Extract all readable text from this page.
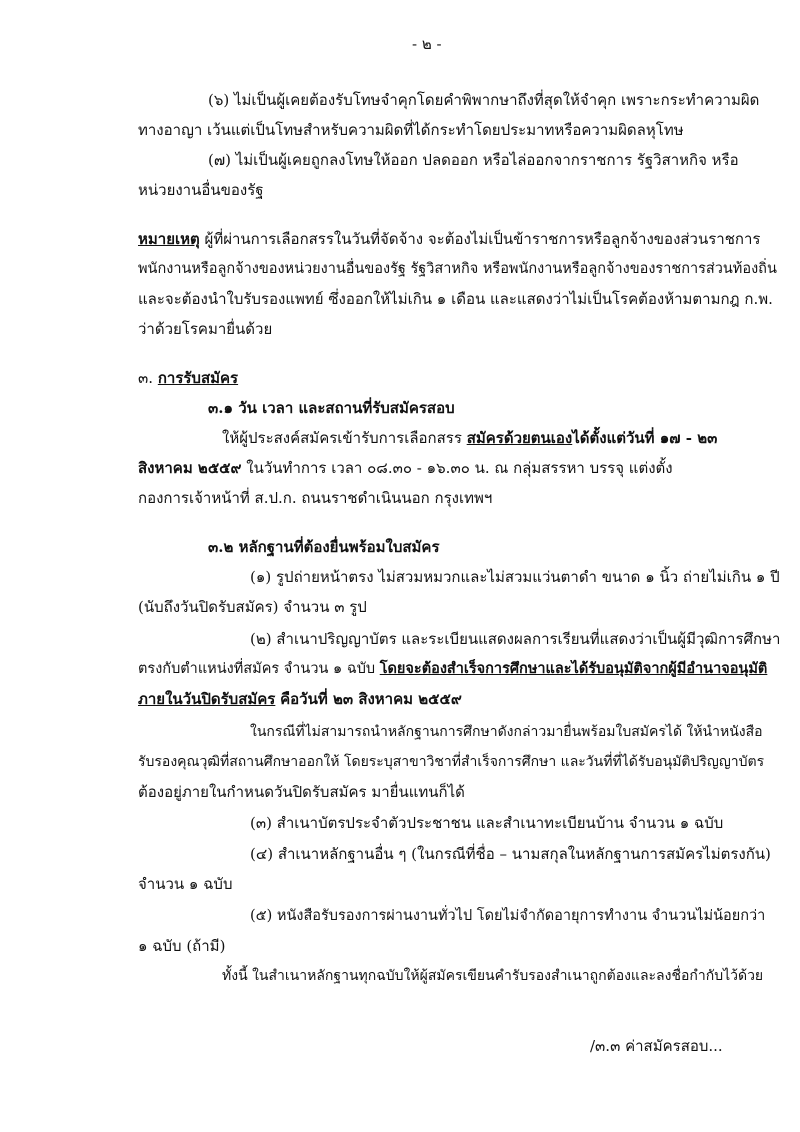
- ๒ -
(๖) ไม่เป็นผู้เคยต้องรับโทษจำคุกโดยคำพิพากษาถึงที่สุดให้จำคุก เพราะกระทำความผิด
ทางอาญา เว้นแต่เป็นโทษสำหรับความผิดที่ได้กระทำโดยประมาทหรือความผิดลหุโทษ
(๗) ไม่เป็นผู้เคยถูกลงโทษให้ออก ปลดออก หรือไล่ออกจากราชการ รัฐวิสาหกิจ หรือ
หน่วยงานอื่นของรัฐ
หมายเหตุ ผู้ที่ผ่านการเลือกสรรในวันที่จัดจ้าง จะต้องไม่เป็นข้าราชการหรือลูกจ้างของส่วนราชการ
พนักงานหรือลูกจ้างของหน่วยงานอื่นของรัฐ รัฐวิสาหกิจ หรือพนักงานหรือลูกจ้างของราชการส่วนท้องถิ่น
และจะต้องนำใบรับรองแพทย์ ซึ่งออกให้ไม่เกิน ๑ เดือน และแสดงว่าไม่เป็นโรคต้องห้ามตามกฎ ก.พ.
ว่าด้วยโรคมายื่นด้วย
๓. การรับสมัคร
๓.๑ วัน เวลา และสถานที่รับสมัครสอบ
ให้ผู้ประสงค์สมัครเข้ารับการเลือกสรร สมัครด้วยตนเองได้ตั้งแต่วันที่ ๑๗ - ๒๓
สิงหาคม ๒๕๕๙ ในวันทำการ เวลา ๐๘.๓๐ - ๑๖.๓๐ น. ณ กลุ่มสรรหา บรรจุ แต่งตั้ง
กองการเจ้าหน้าที่ ส.ป.ก. ถนนราชดำเนินนอก กรุงเทพฯ
๓.๒ หลักฐานที่ต้องยื่นพร้อมใบสมัคร
(๑) รูปถ่ายหน้าตรง ไม่สวมหมวกและไม่สวมแว่นตาดำ ขนาด ๑ นิ้ว ถ่ายไม่เกิน ๑ ปี
(นับถึงวันปิดรับสมัคร) จำนวน ๓ รูป
(๒) สำเนาปริญญาบัตร และระเบียนแสดงผลการเรียนที่แสดงว่าเป็นผู้มีวุฒิการศึกษา
ตรงกับตำแหน่งที่สมัคร จำนวน ๑ ฉบับ โดยจะต้องสำเร็จการศึกษาและได้รับอนุมัติจากผู้มีอำนาจอนุมัติ
ภายในวันปิดรับสมัคร คือวันที่ ๒๓ สิงหาคม ๒๕๕๙
ในกรณีที่ไม่สามารถนำหลักฐานการศึกษาดังกล่าวมายื่นพร้อมใบสมัครได้ ให้นำหนังสือ
รับรองคุณวุฒิที่สถานศึกษาออกให้ โดยระบุสาขาวิชาที่สำเร็จการศึกษา และวันที่ที่ได้รับอนุมัติปริญญาบัตร
ต้องอยู่ภายในกำหนดวันปิดรับสมัคร มายื่นแทนก็ได้
(๓) สำเนาบัตรประจำตัวประชาชน และสำเนาทะเบียนบ้าน จำนวน ๑ ฉบับ
(๔) สำเนาหลักฐานอื่น ๆ (ในกรณีที่ชื่อ – นามสกุลในหลักฐานการสมัครไม่ตรงกัน)
จำนวน ๑ ฉบับ
(๕) หนังสือรับรองการผ่านงานทั่วไป โดยไม่จำกัดอายุการทำงาน จำนวนไม่น้อยกว่า
๑ ฉบับ (ถ้ามี)
ทั้งนี้ ในสำเนาหลักฐานทุกฉบับให้ผู้สมัครเขียนคำรับรองสำเนาถูกต้องและลงชื่อกำกับไว้ด้วย
/๓.๓ ค่าสมัครสอบ...
